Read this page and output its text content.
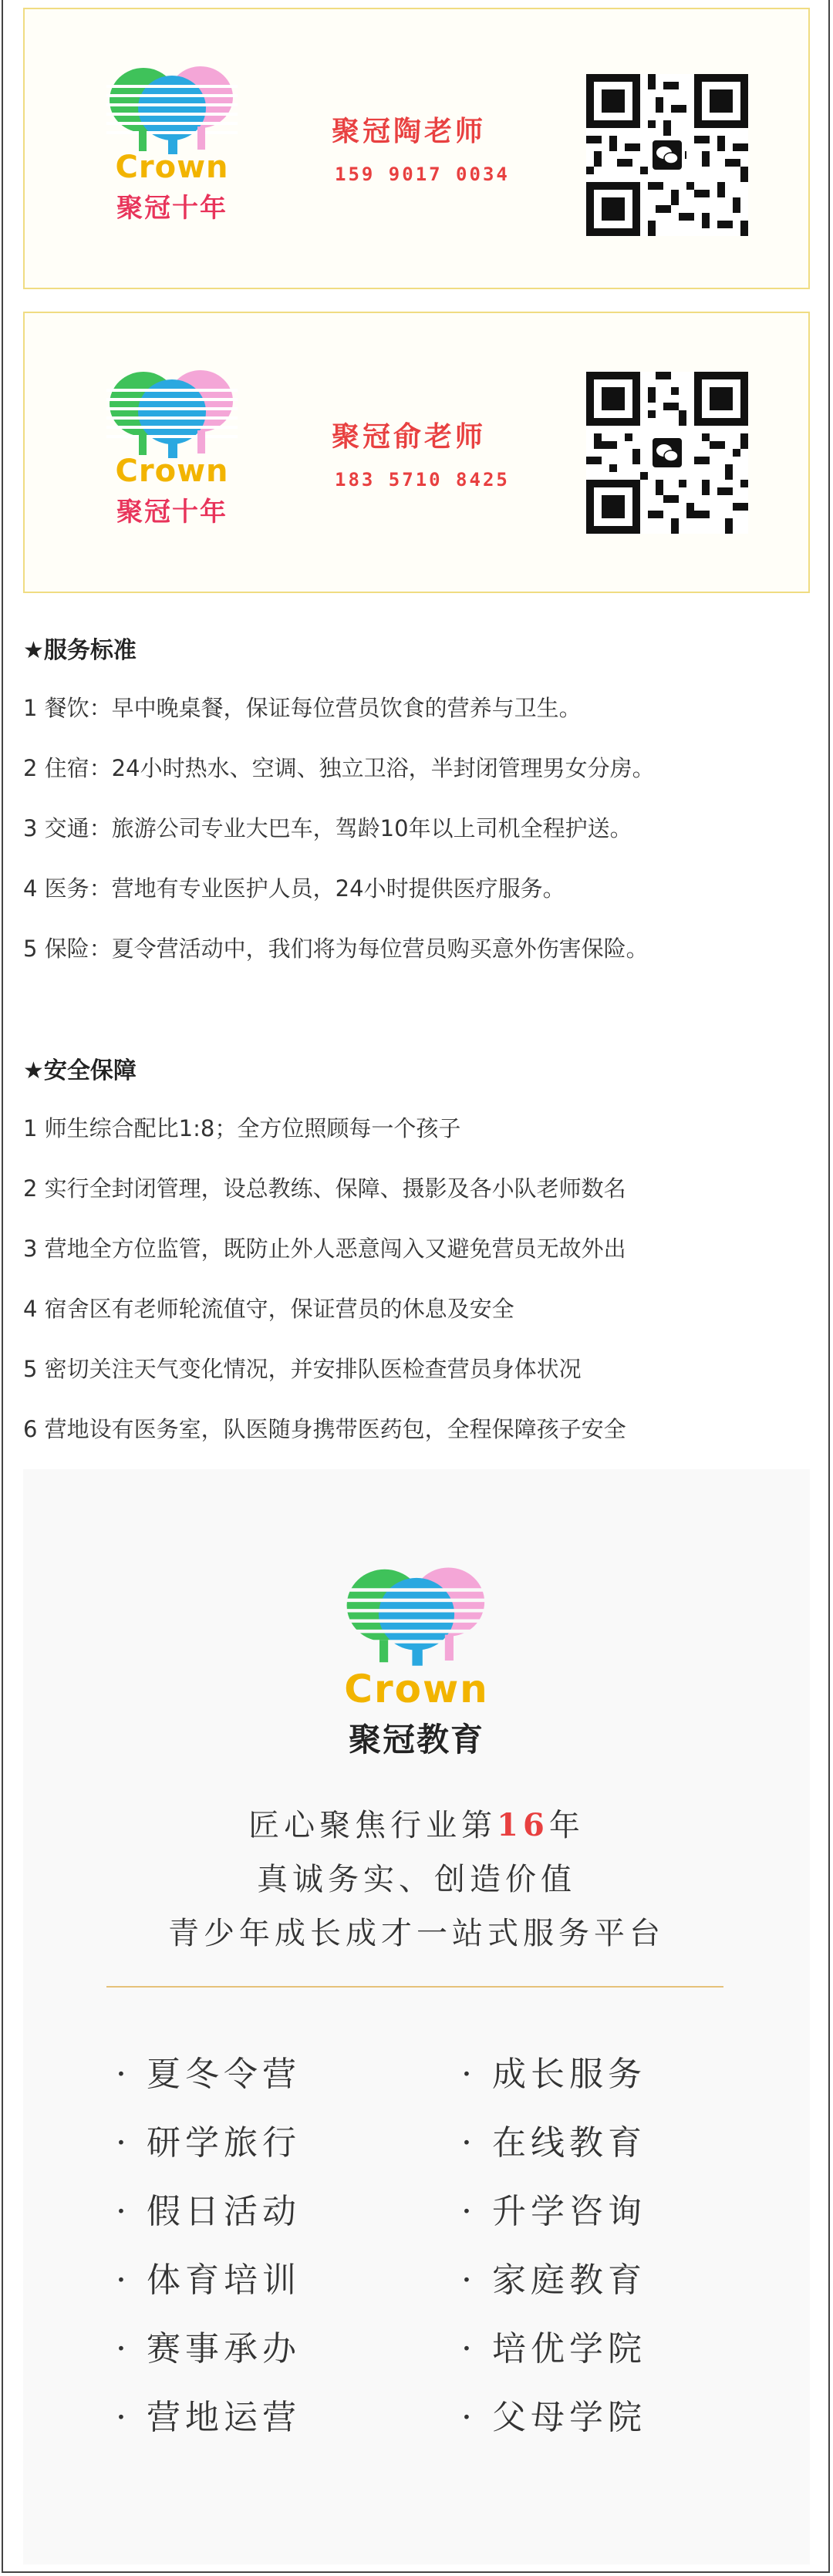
Crown
聚冠十年
聚冠陶老师
159 9017 0034
Crown
聚冠十年
聚冠俞老师
183 5710 8425
★服务标准
1 餐饮：早中晚桌餐，保证每位营员饮食的营养与卫生。
2 住宿：24小时热水、空调、独立卫浴，半封闭管理男女分房。
3 交通：旅游公司专业大巴车，驾龄10年以上司机全程护送。
4 医务：营地有专业医护人员，24小时提供医疗服务。
5 保险：夏令营活动中，我们将为每位营员购买意外伤害保险。
★安全保障
1 师生综合配比1:8；全方位照顾每一个孩子
2 实行全封闭管理，设总教练、保障、摄影及各小队老师数名
3 营地全方位监管，既防止外人恶意闯入又避免营员无故外出
4 宿舍区有老师轮流值守，保证营员的休息及安全
5 密切关注天气变化情况，并安排队医检查营员身体状况
6 营地设有医务室，队医随身携带医药包，全程保障孩子安全
Crown
聚冠教育
匠心聚焦行业第16年
真诚务实、创造价值
青少年成长成才一站式服务平台
· 夏冬令营
· 研学旅行
· 假日活动
· 体育培训
· 赛事承办
· 营地运营
· 成长服务
· 在线教育
· 升学咨询
· 家庭教育
· 培优学院
· 父母学院
